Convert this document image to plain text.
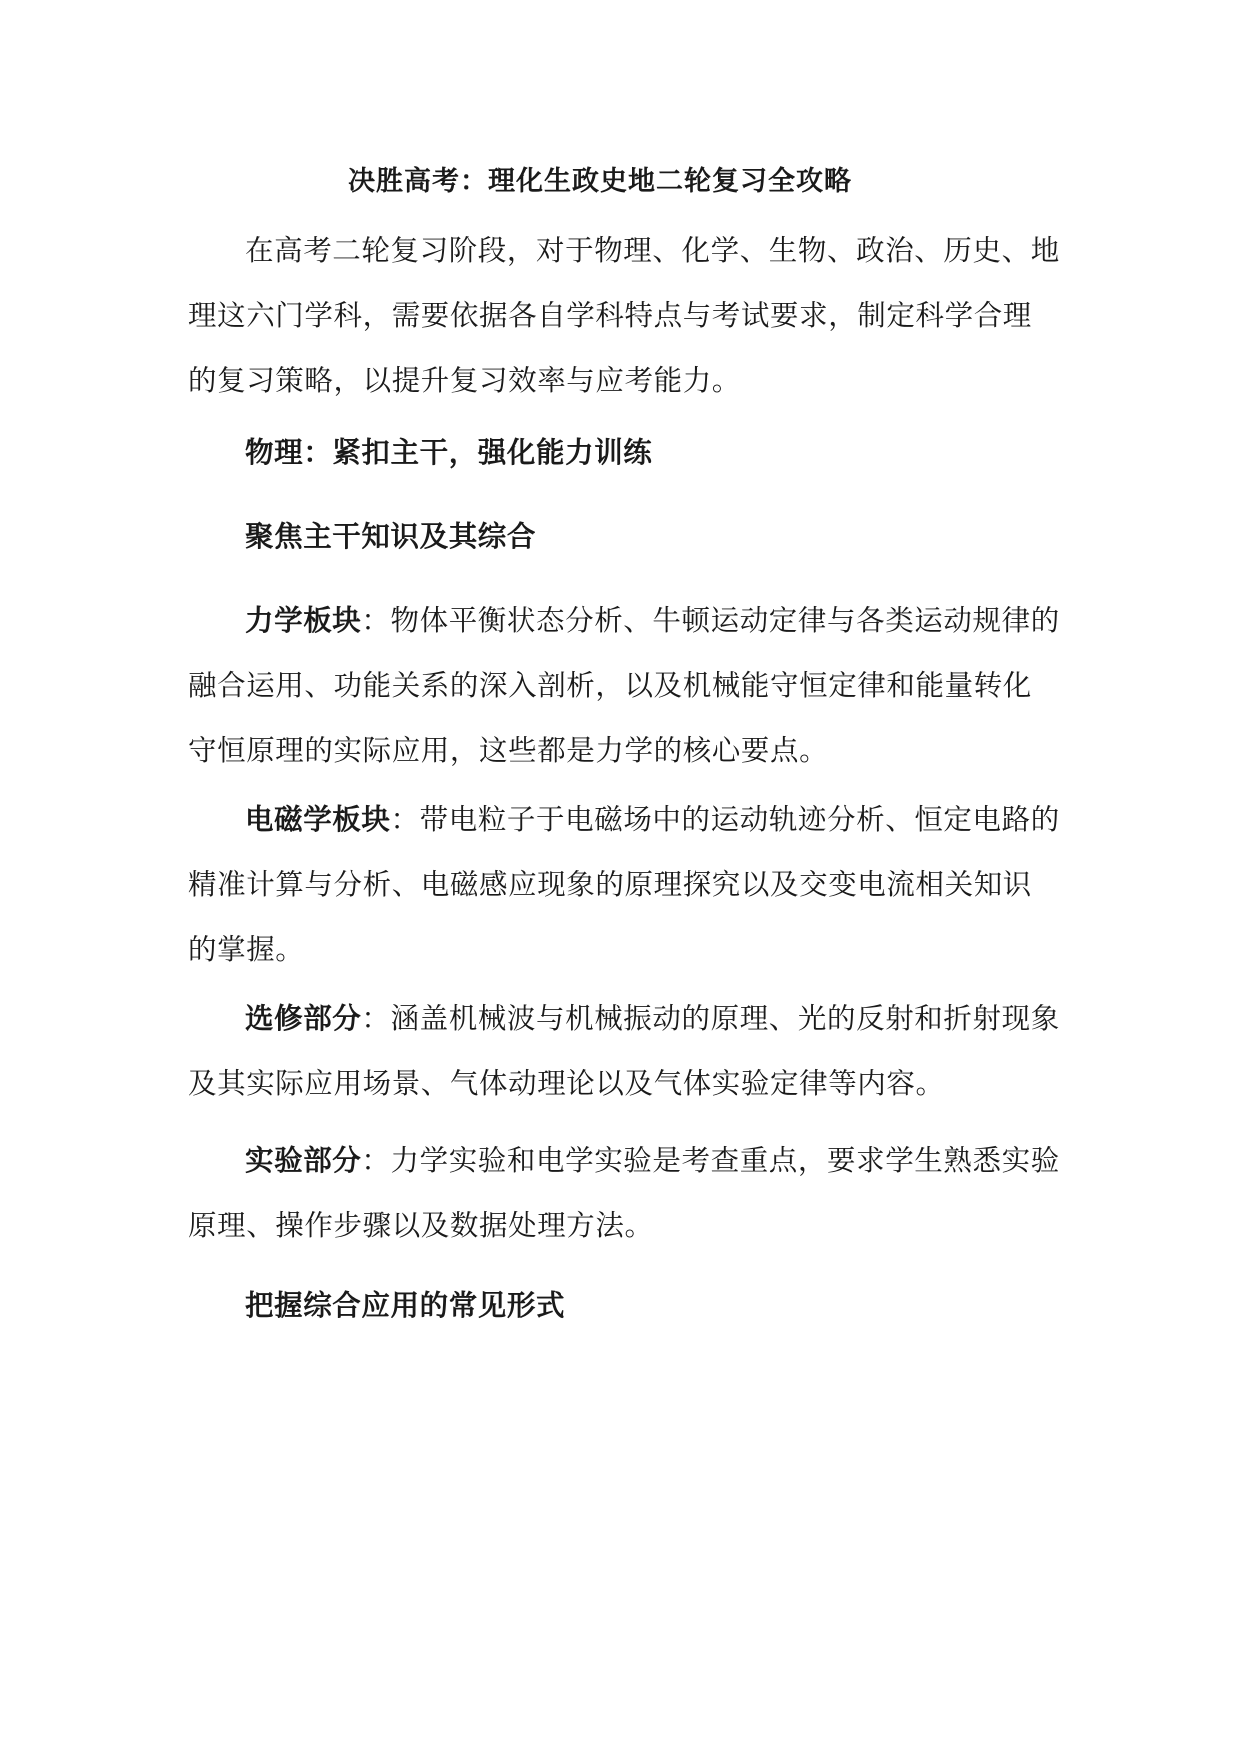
决胜高考：理化生政史地二轮复习全攻略

在高考二轮复习阶段，对于物理、化学、生物、政治、历史、地理这六门学科，需要依据各自学科特点与考试要求，制定科学合理的复习策略，以提升复习效率与应考能力。

物理：紧扣主干，强化能力训练

聚焦主干知识及其综合

力学板块：物体平衡状态分析、牛顿运动定律与各类运动规律的融合运用、功能关系的深入剖析，以及机械能守恒定律和能量转化守恒原理的实际应用，这些都是力学的核心要点。

电磁学板块：带电粒子于电磁场中的运动轨迹分析、恒定电路的精准计算与分析、电磁感应现象的原理探究以及交变电流相关知识的掌握。

选修部分：涵盖机械波与机械振动的原理、光的反射和折射现象及其实际应用场景、气体动理论以及气体实验定律等内容。

实验部分：力学实验和电学实验是考查重点，要求学生熟悉实验原理、操作步骤以及数据处理方法。

把握综合应用的常见形式
